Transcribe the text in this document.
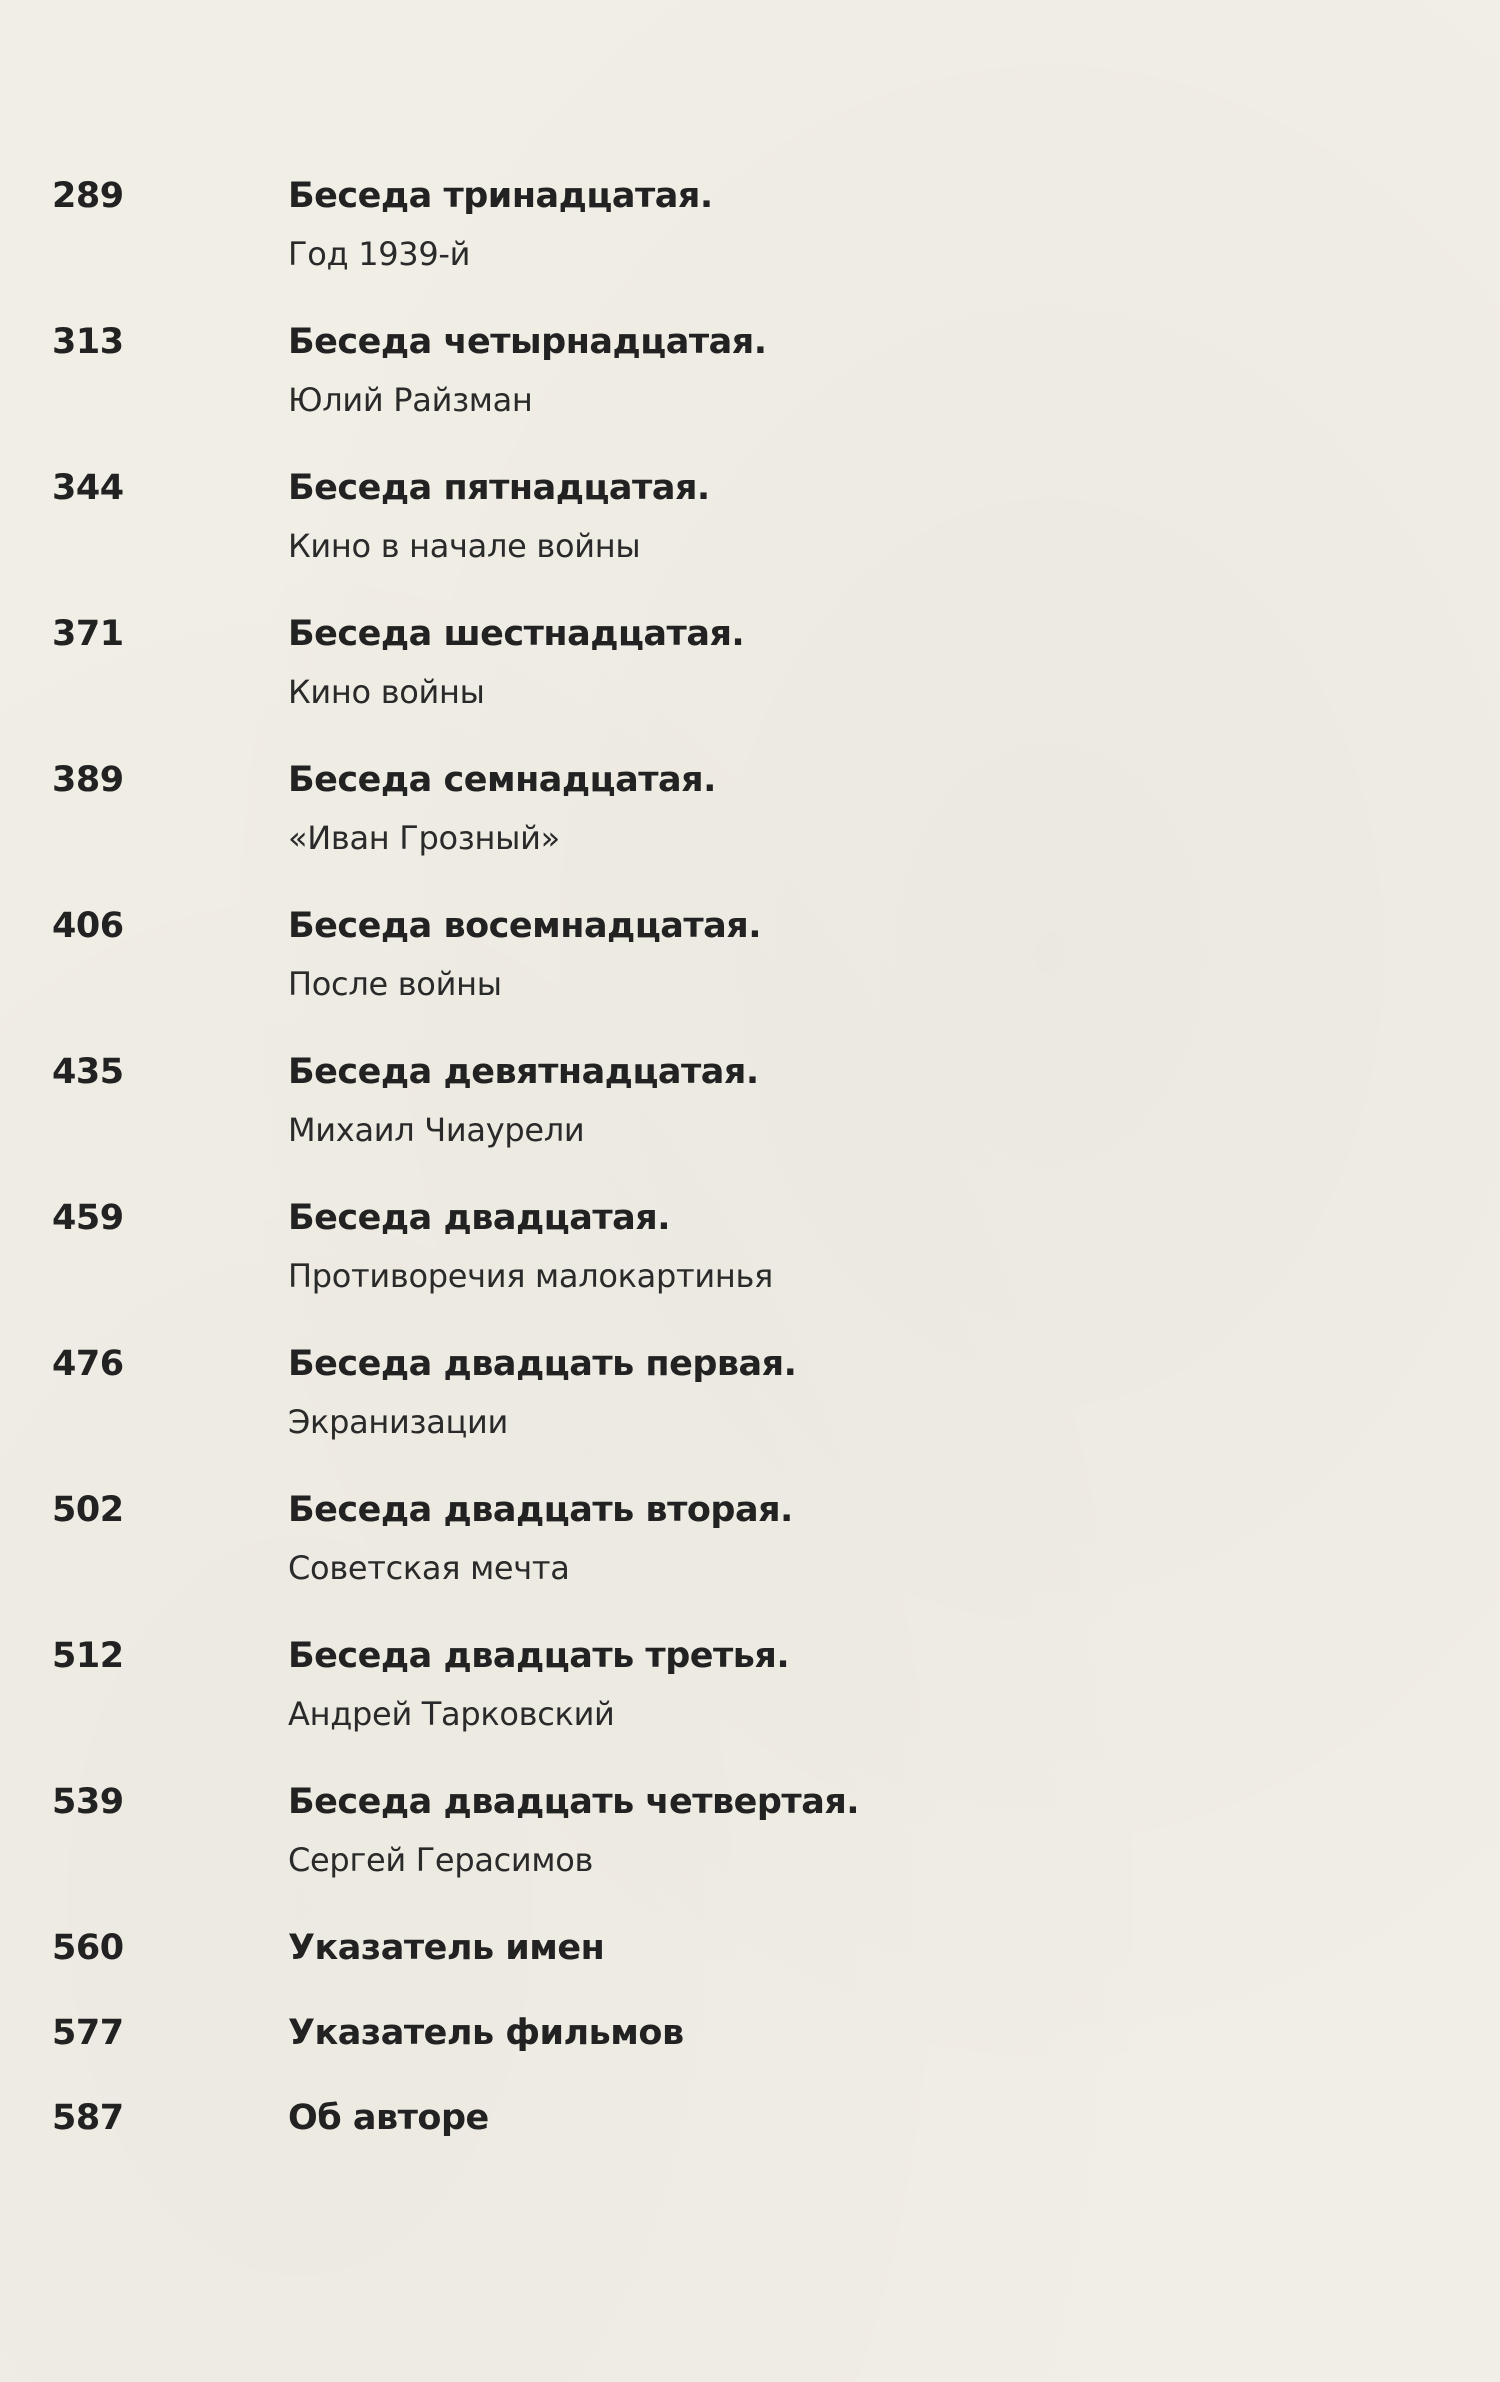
289	Беседа тринадцатая.
Год 1939-й
313	Беседа четырнадцатая.
Юлий Райзман
344	Беседа пятнадцатая.
Кино в начале войны
371	Беседа шестнадцатая.
Кино войны
389	Беседа семнадцатая.
«Иван Грозный»
406	Беседа восемнадцатая.
После войны
435	Беседа девятнадцатая.
Михаил Чиаурели
459	Беседа двадцатая.
Противоречия малокартинья
476	Беседа двадцать первая.
Экранизации
502	Беседа двадцать вторая.
Советская мечта
512	Беседа двадцать третья.
Андрей Тарковский
539	Беседа двадцать четвертая.
Сергей Герасимов
560	Указатель имен
577	Указатель фильмов
587	Об авторе
